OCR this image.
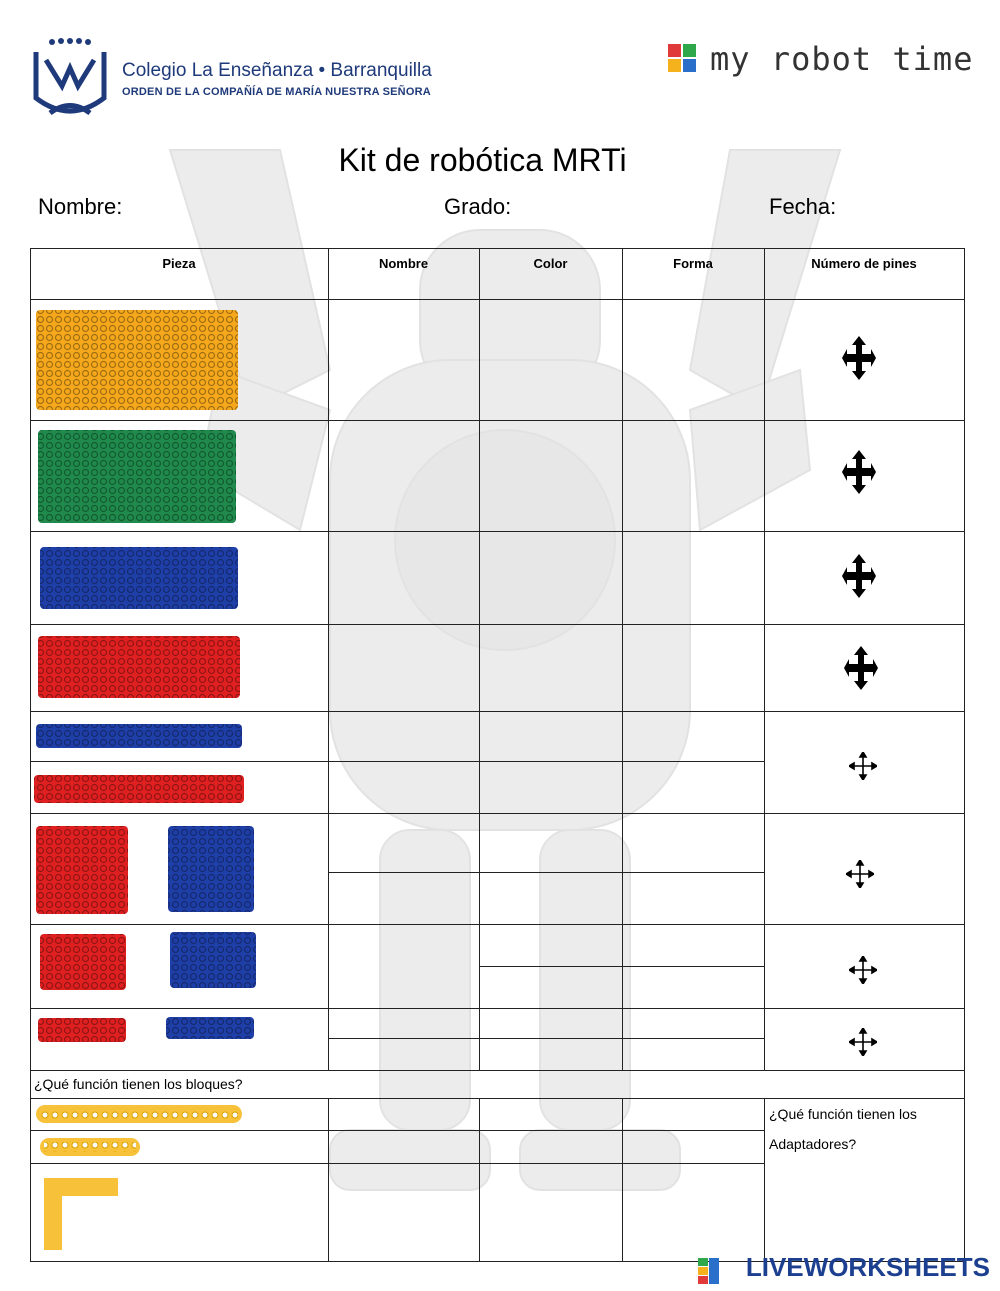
Colegio La Enseñanza • Barranquilla
ORDEN DE LA COMPAÑÍA DE MARÍA NUESTRA SEÑORA
my robot time
Kit de robótica MRTi
Nombre:	Grado:	Fecha:
Pieza	Nombre	Color	Forma	Número de pines
¿Qué función tienen los bloques?
¿Qué función tienen los
Adaptadores?
LIVEWORKSHEETS
